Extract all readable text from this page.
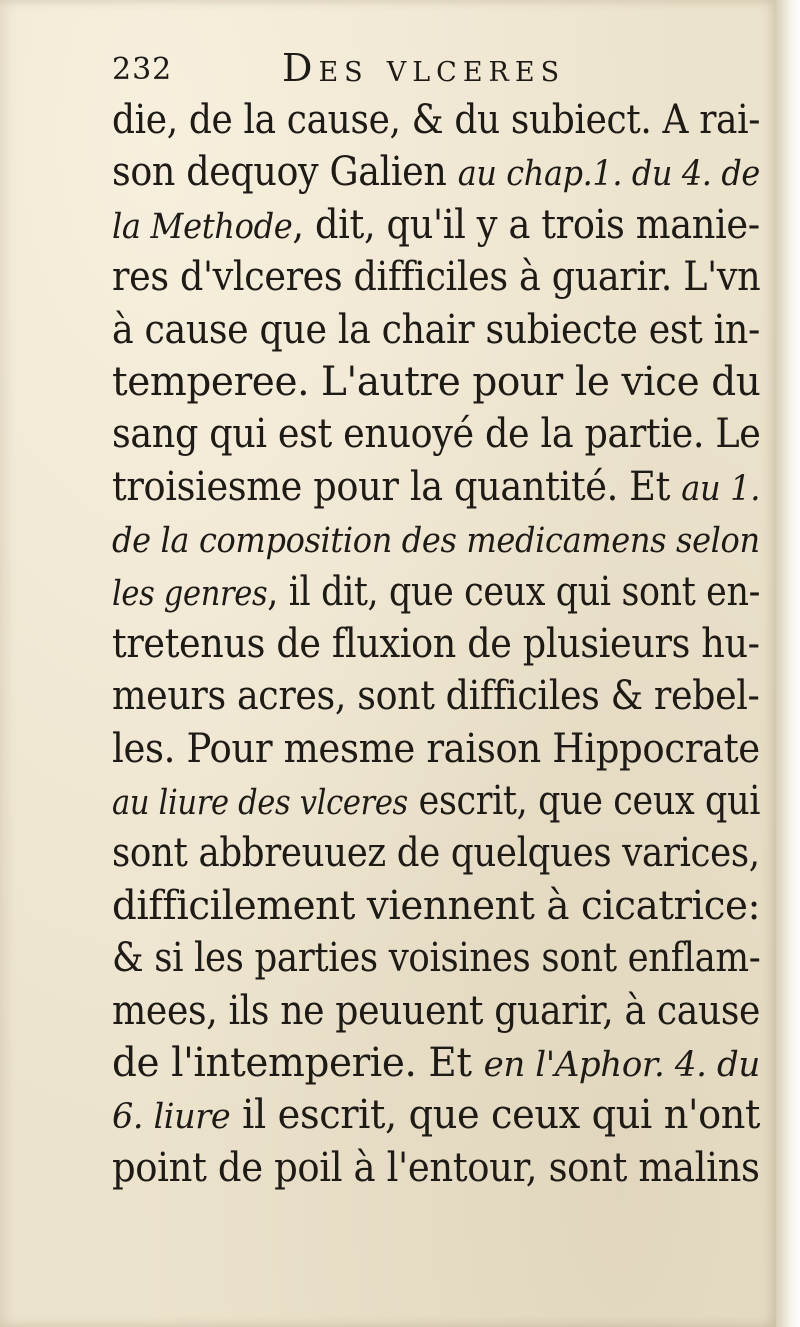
232	Des vlceres
die, de la cause, & du subiect. A rai-
son dequoy Galien au chap.1. du 4. de
la Methode, dit, qu'il y a trois manie-
res d'vlceres difficiles à guarir. L'vn
à cause que la chair subiecte est in-
temperee. L'autre pour le vice du
sang qui est enuoyé de la partie. Le
troisiesme pour la quantité. Et au 1.
de la composition des medicamens selon
les genres, il dit, que ceux qui sont en-
tretenus de fluxion de plusieurs hu-
meurs acres, sont difficiles & rebel-
les. Pour mesme raison Hippocrate
au liure des vlceres escrit, que ceux qui
sont abbreuuez de quelques varices,
difficilement viennent à cicatrice:
& si les parties voisines sont enflam-
mees, ils ne peuuent guarir, à cause
de l'intemperie. Et en l'Aphor. 4. du
6. liure il escrit, que ceux qui n'ont
point de poil à l'entour, sont malins
